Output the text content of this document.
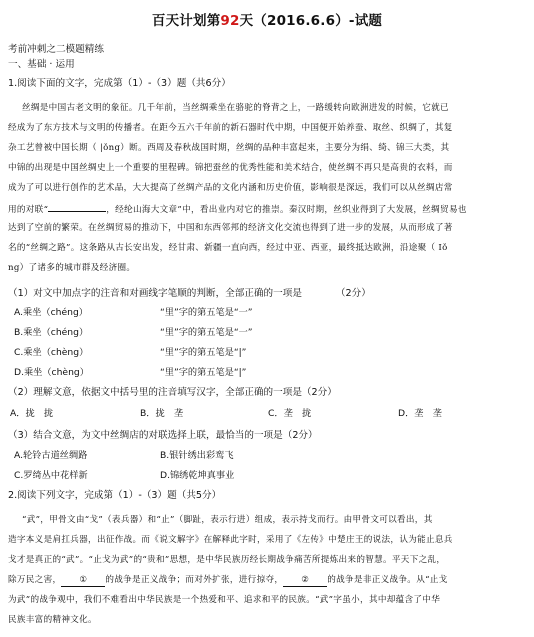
百天计划第92天（2016.6.6）-试题
考前冲刺之二模题精练
一、基础 · 运用
1.阅读下面的文字，完成第（1）-（3）题（共6分）
丝绸是中国古老文明的象征。几千年前，当丝绸乘坐在骆驼的脊背之上，一路缓转向欧洲进发的时候，它就已
经成为了东方技术与文明的传播者。在距今五六千年前的新石器时代中期，中国便开始养蚕、取丝、织绸了，其复
杂工艺曾被中国长期（ |ǒng）断。西周及春秋战国时期，丝绸的品种丰富起来，主要分为绢、绮、锦三大类，其
中锦的出现是中国丝绸史上一个重要的里程碑。锦把蚕丝的优秀性能和美术结合，使丝绸不再只是高贵的衣料，而
成为了可以进行创作的艺术品，大大提高了丝绸产品的文化内涵和历史价值，影响很是深远，我们可以从丝绸店常
用的对联“	，经纶山海大文章”中，看出业内对它的推崇。秦汉时期，丝织业得到了大发展，丝绸贸易也
达到了空前的繁荣。在丝绸贸易的推动下，中国和东西邻邦的经济文化交流也得到了进一步的发展，从而形成了著
名的“丝绸之路”。这条路从古长安出发，经甘肃、新疆一直向西，经过中亚、西亚，最终抵达欧洲，沿途聚（ Iǒ
ng）了诸多的城市群及经济圈。
（1）对文中加点字的注音和对画线字笔顺的判断，全部正确的一项是	（2分）
A.乘坐（chéng）	“里”字的第五笔是“一”
B.乘坐（chéng）	“里”字的第五笔是“一”
C.乘坐（chèng）	“里”字的第五笔是“|”
D.乘坐（chèng）	“里”字的第五笔是“|”
（2）理解文意，依据文中括号里的注音填写汉字，全部正确的一项是（2分）
A．拢　拢	B．拢　垄	C．垄　拢	D．垄　垄
（3）结合文意，为文中丝绸店的对联选择上联，最恰当的一项是（2分）
A.轮铃古道丝绸路	B.银针绣出彩鸾飞
C.罗绮丛中花样新	D.锦绣乾坤真事业
2.阅读下列文字，完成第（1）-（3）题（共5分）
“武”，甲骨文由“戈”（表兵器）和“止”（脚趾，表示行进）组成，表示持戈而行。由甲骨文可以看出，其
造字本义是肩扛兵器，出征作战。而《说文解字》在解释此字时，采用了《左传》中楚庄王的说法，认为能止息兵
戈才是真正的“武”。“止戈为武”的“贵和”思想，是中华民族历经长期战争痛苦所提炼出来的智慧。平天下之乱，
除万民之害， ① 的战争是正义战争；而对外扩张，进行掠夺， ② 的战争是非正义战争。从“止戈
为武”的战争观中，我们不难看出中华民族是一个热爱和平、追求和平的民族。“武”字虽小，其中却蕴含了中华
民族丰富的精神文化。
